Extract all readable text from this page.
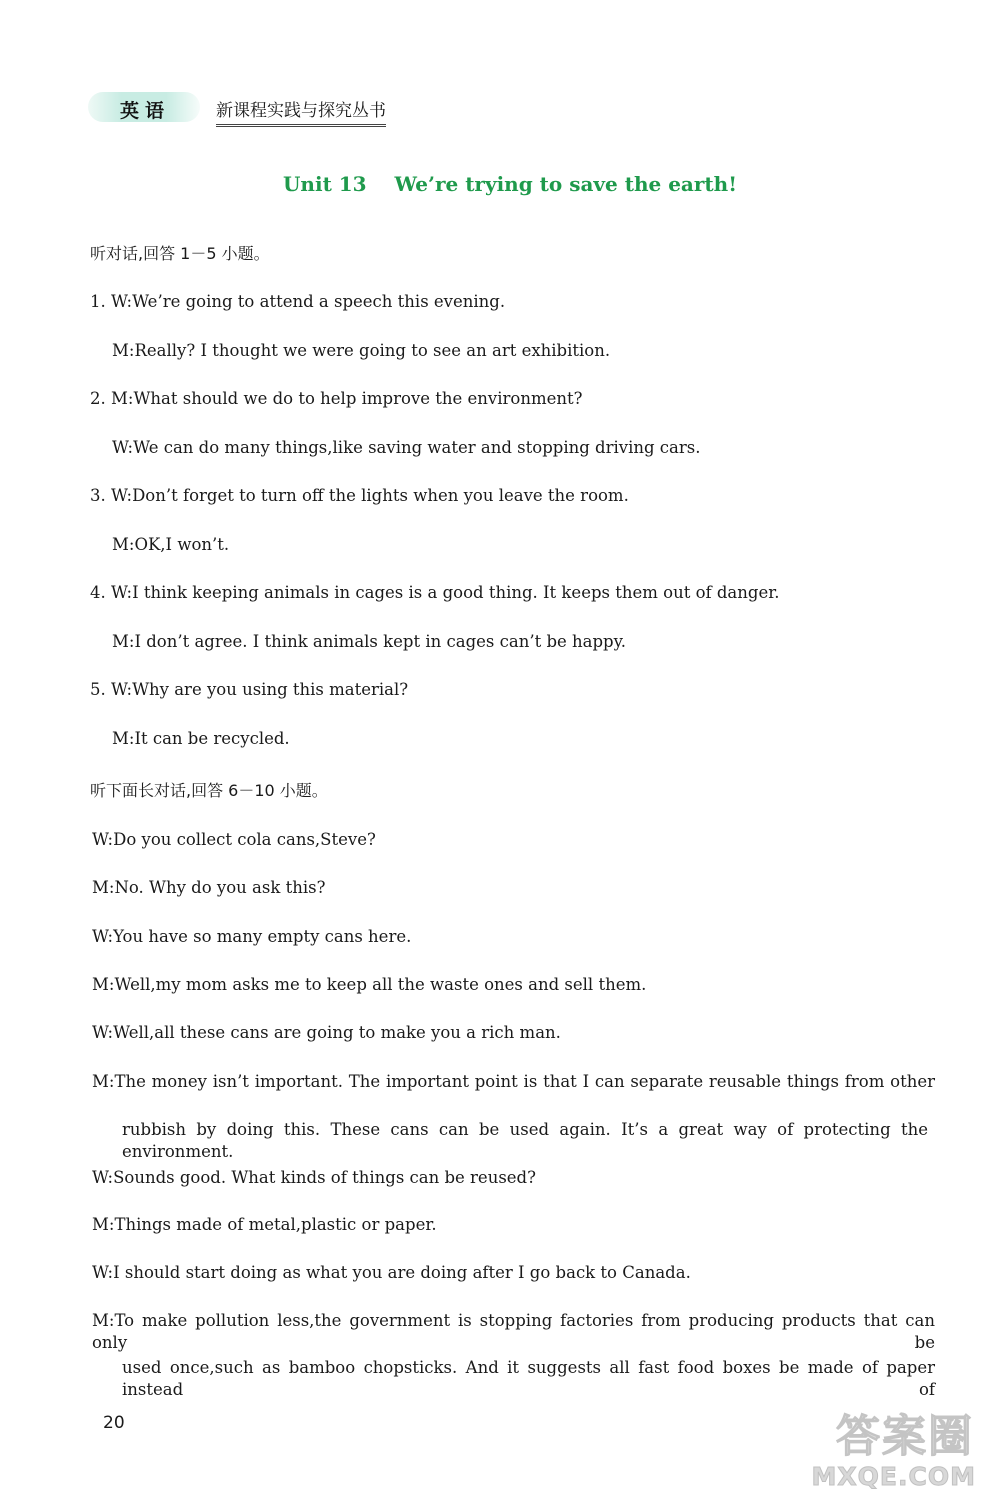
英语	新课程实践与探究丛书
Unit 13    We’re trying to save the earth!
听对话,回答 1－5 小题。
1. W:We’re going to attend a speech this evening.
M:Really? I thought we were going to see an art exhibition.
2. M:What should we do to help improve the environment?
W:We can do many things,like saving water and stopping driving cars.
3. W:Don’t forget to turn off the lights when you leave the room.
M:OK,I won’t.
4. W:I think keeping animals in cages is a good thing. It keeps them out of danger.
M:I don’t agree. I think animals kept in cages can’t be happy.
5. W:Why are you using this material?
M:It can be recycled.
听下面长对话,回答 6－10 小题。
W:Do you collect cola cans,Steve?
M:No. Why do you ask this?
W:You have so many empty cans here.
M:Well,my mom asks me to keep all the waste ones and sell them.
W:Well,all these cans are going to make you a rich man.
M:The money isn’t important. The important point is that I can separate reusable things from other
rubbish by doing this. These cans can be used again. It’s a great way of protecting the environment.
W:Sounds good. What kinds of things can be reused?
M:Things made of metal,plastic or paper.
W:I should start doing as what you are doing after I go back to Canada.
M:To make pollution less,the government is stopping factories from producing products that can only be
used once,such as bamboo chopsticks. And it suggests all fast food boxes be made of paper instead of
20	答案圈
MXQE.COM
